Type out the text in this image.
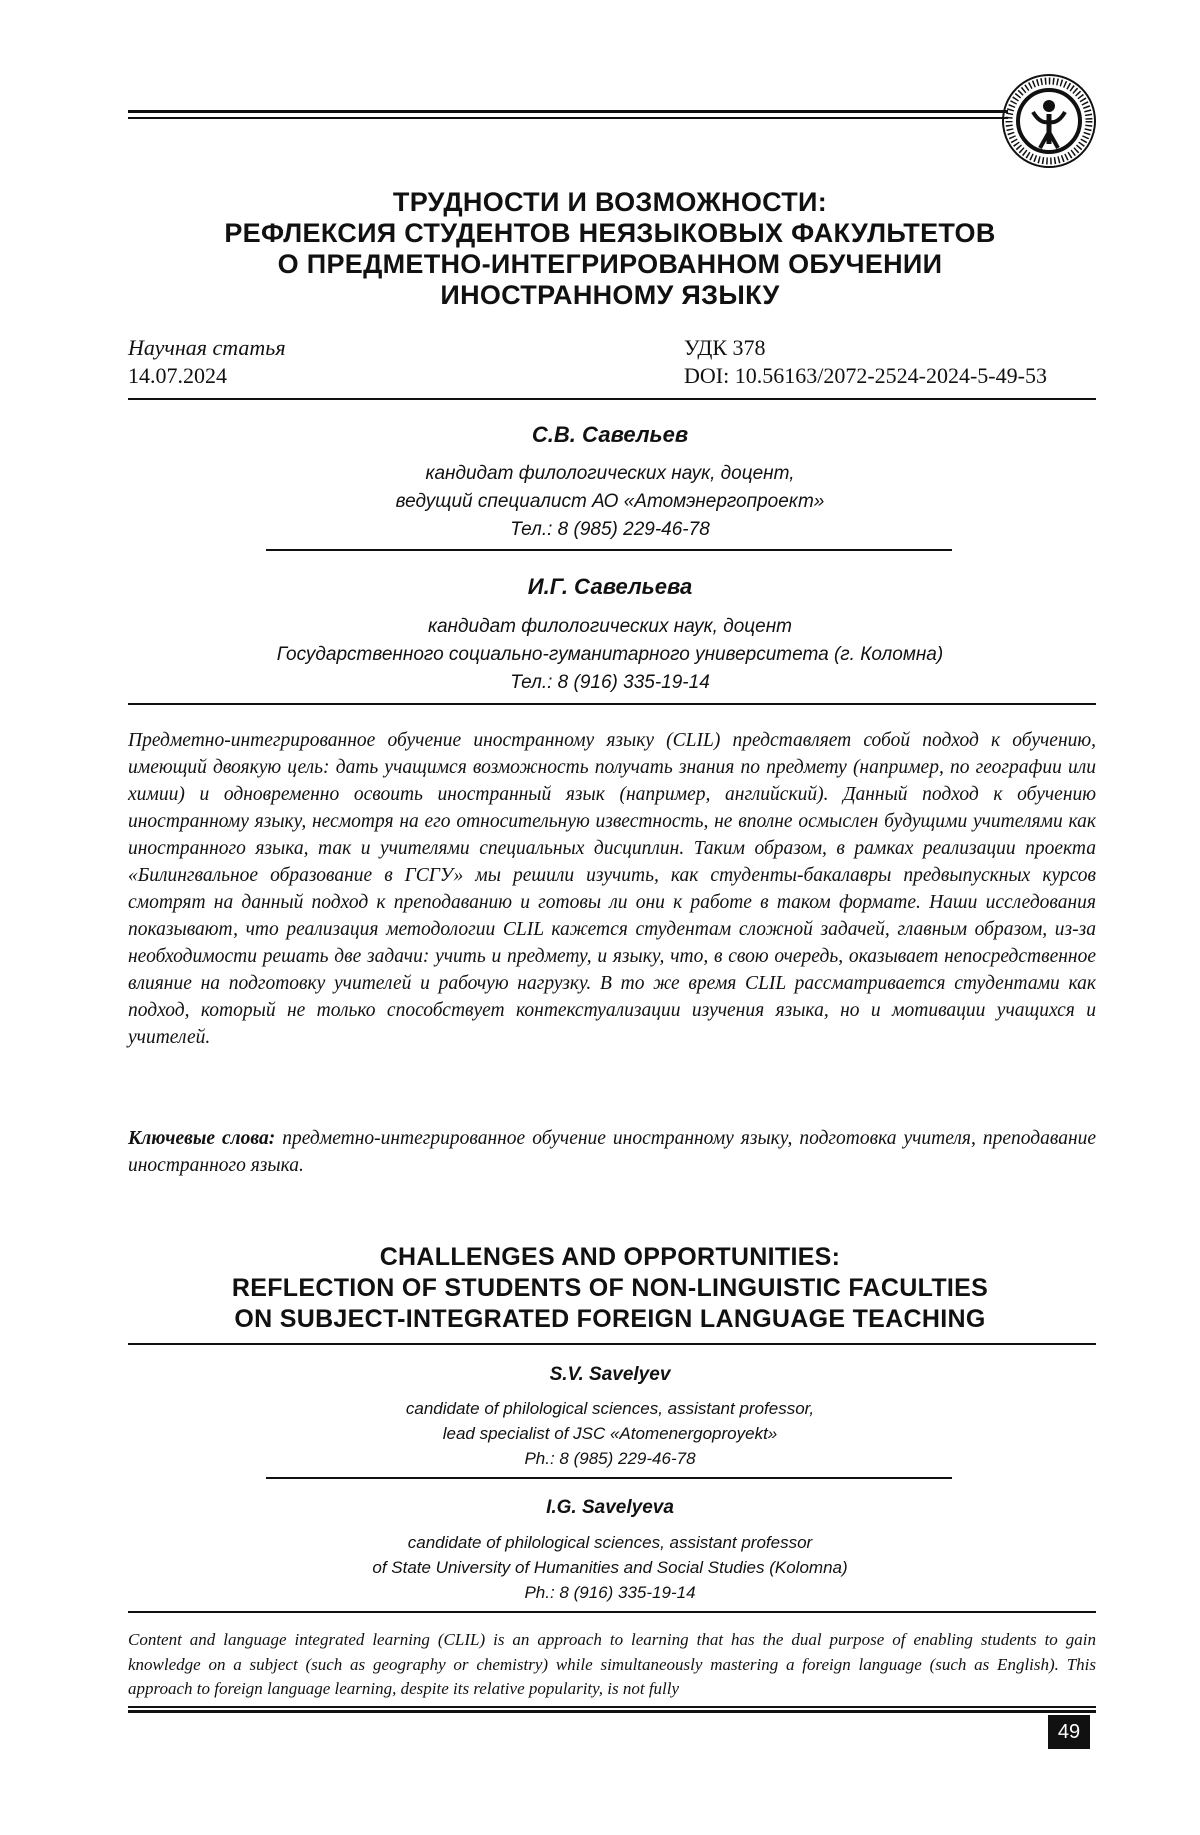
ТРУДНОСТИ И ВОЗМОЖНОСТИ:
РЕФЛЕКСИЯ СТУДЕНТОВ НЕЯЗЫКОВЫХ ФАКУЛЬТЕТОВ
О ПРЕДМЕТНО-ИНТЕГРИРОВАННОМ ОБУЧЕНИИ
ИНОСТРАННОМУ ЯЗЫКУ
Научная статья
14.07.2024
УДК 378
DOI: 10.56163/2072-2524-2024-5-49-53
С.В. Савельев
кандидат филологических наук, доцент,
ведущий специалист АО «Атомэнергопроект»
Тел.: 8 (985) 229-46-78
И.Г. Савельева
кандидат филологических наук, доцент
Государственного социально-гуманитарного университета (г. Коломна)
Тел.: 8 (916) 335-19-14
Предметно-интегрированное обучение иностранному языку (CLIL) представляет собой подход к обучению, имеющий двоякую цель: дать учащимся возможность получать знания по предмету (например, по географии или химии) и одновременно освоить иностранный язык (например, английский). Данный подход к обучению иностранному языку, несмотря на его относительную известность, не вполне осмыслен будущими учителями как иностранного языка, так и учителями специальных дисциплин. Таким образом, в рамках реализации проекта «Билингвальное образование в ГСГУ» мы решили изучить, как студенты-бакалавры предвыпускных курсов смотрят на данный подход к преподаванию и готовы ли они к работе в таком формате. Наши исследования показывают, что реализация методологии CLIL кажется студентам сложной задачей, главным образом, из-за необходимости решать две задачи: учить и предмету, и языку, что, в свою очередь, оказывает непосредственное влияние на подготовку учителей и рабочую нагрузку. В то же время CLIL рассматривается студентами как подход, который не только способствует контекстуализации изучения языка, но и мотивации учащихся и учителей.
Ключевые слова: предметно-интегрированное обучение иностранному языку, подготовка учителя, преподавание иностранного языка.
CHALLENGES AND OPPORTUNITIES:
REFLECTION OF STUDENTS OF NON-LINGUISTIC FACULTIES
ON SUBJECT-INTEGRATED FOREIGN LANGUAGE TEACHING
S.V. Savelyev
candidate of philological sciences, assistant professor,
lead specialist of JSC «Atomenergoproyekt»
Ph.: 8 (985) 229-46-78
I.G. Savelyeva
candidate of philological sciences, assistant professor
of State University of Humanities and Social Studies (Kolomna)
Ph.: 8 (916) 335-19-14
Content and language integrated learning (CLIL) is an approach to learning that has the dual purpose of enabling students to gain knowledge on a subject (such as geography or chemistry) while simultaneously mastering a foreign language (such as English). This approach to foreign language learning, despite its relative popularity, is not fully
49
